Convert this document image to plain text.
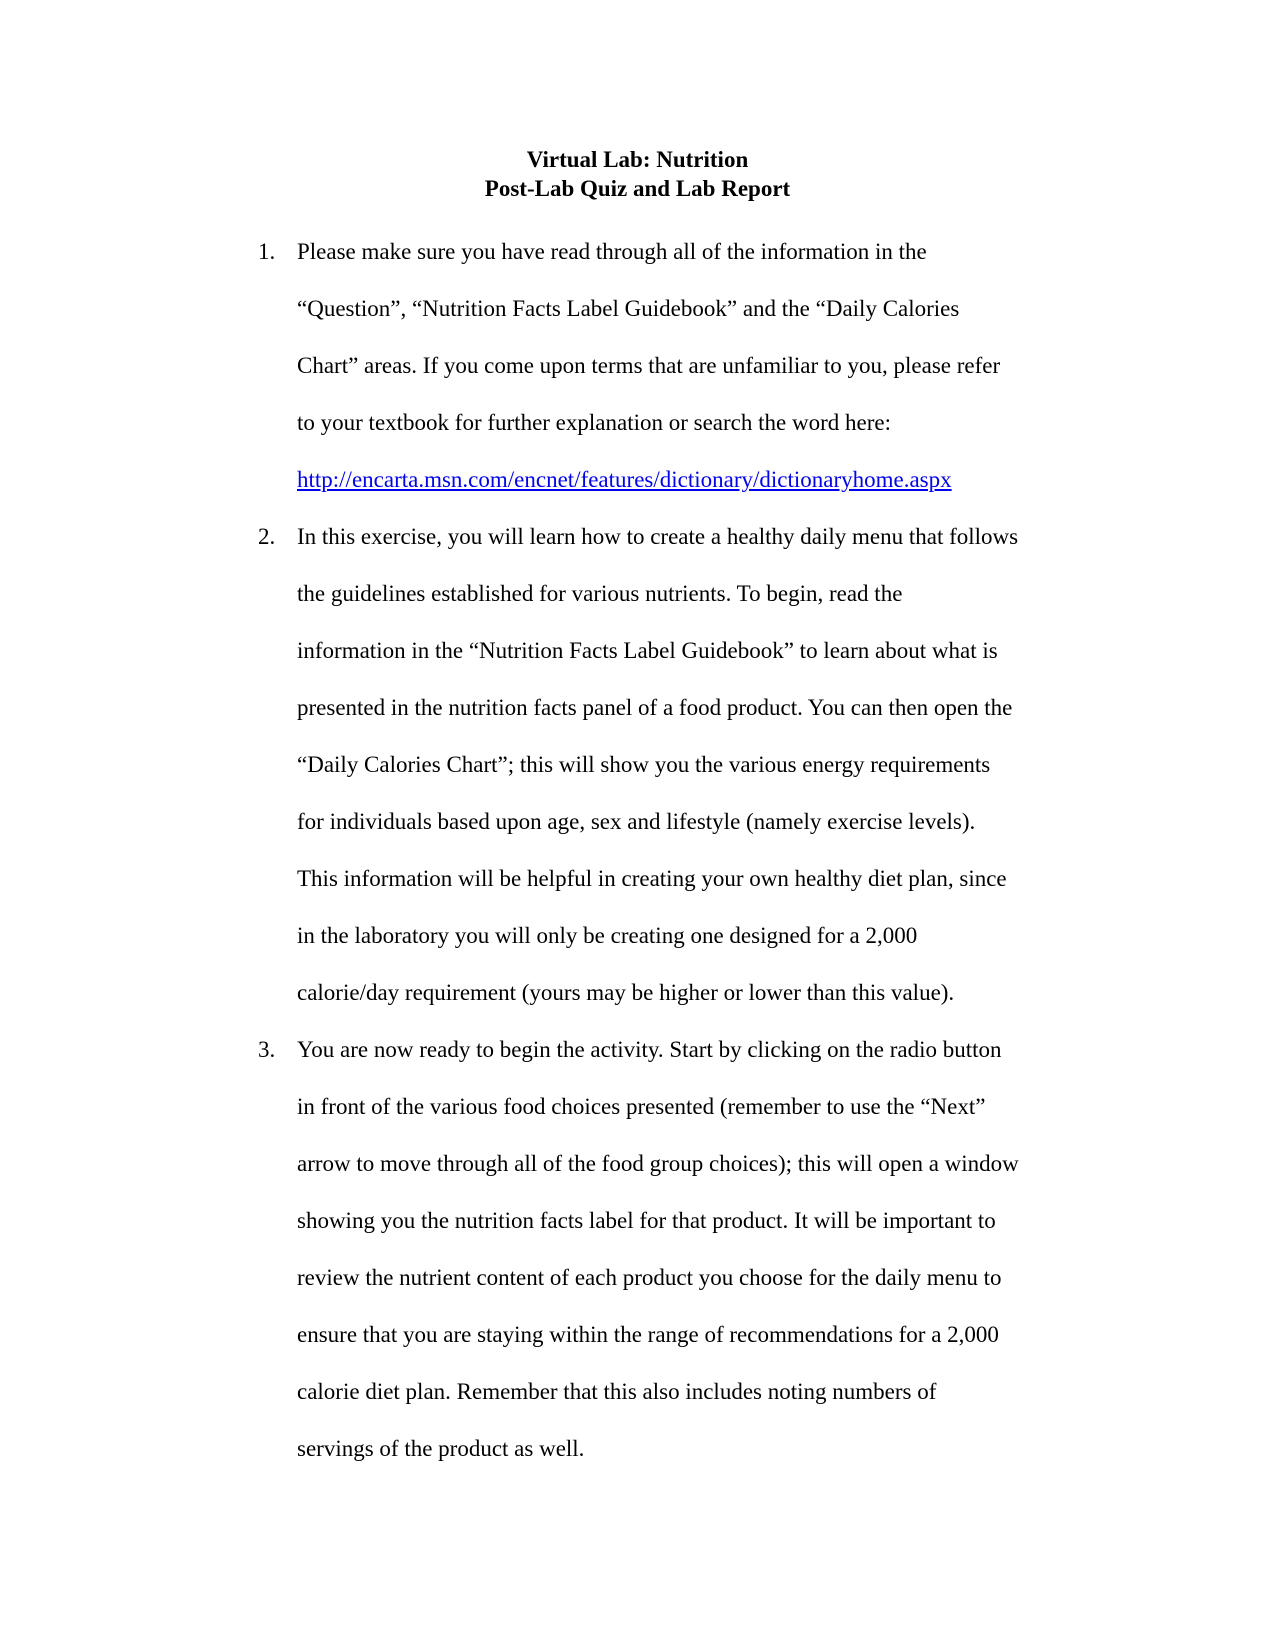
Virtual Lab: Nutrition
Post-Lab Quiz and Lab Report
1. Please make sure you have read through all of the information in the
“Question”, “Nutrition Facts Label Guidebook” and the “Daily Calories
Chart” areas. If you come upon terms that are unfamiliar to you, please refer
to your textbook for further explanation or search the word here:
http://encarta.msn.com/encnet/features/dictionary/dictionaryhome.aspx
2. In this exercise, you will learn how to create a healthy daily menu that follows
the guidelines established for various nutrients. To begin, read the
information in the “Nutrition Facts Label Guidebook” to learn about what is
presented in the nutrition facts panel of a food product. You can then open the
“Daily Calories Chart”; this will show you the various energy requirements
for individuals based upon age, sex and lifestyle (namely exercise levels).
This information will be helpful in creating your own healthy diet plan, since
in the laboratory you will only be creating one designed for a 2,000
calorie/day requirement (yours may be higher or lower than this value).
3. You are now ready to begin the activity. Start by clicking on the radio button
in front of the various food choices presented (remember to use the “Next”
arrow to move through all of the food group choices); this will open a window
showing you the nutrition facts label for that product. It will be important to
review the nutrient content of each product you choose for the daily menu to
ensure that you are staying within the range of recommendations for a 2,000
calorie diet plan. Remember that this also includes noting numbers of
servings of the product as well.
